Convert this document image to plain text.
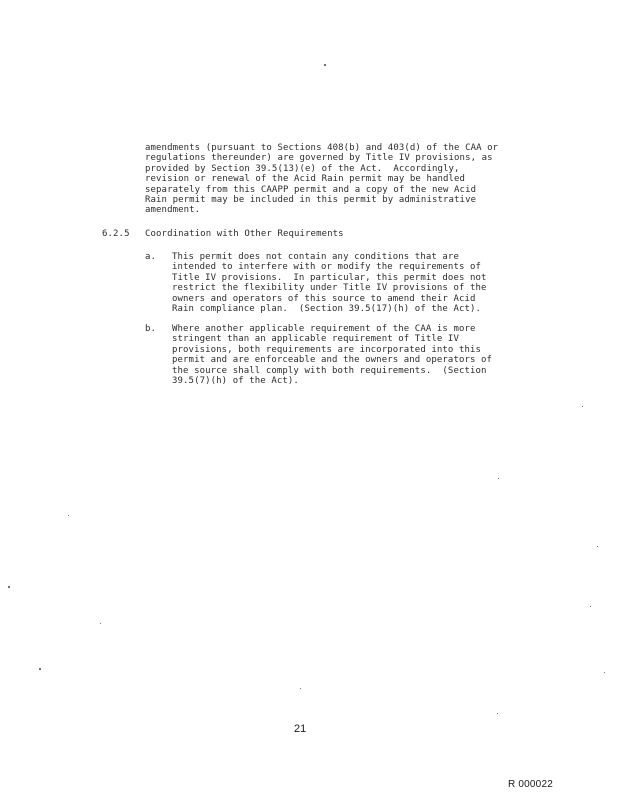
amendments (pursuant to Sections 408(b) and 403(d) of the CAA or
regulations thereunder) are governed by Title IV provisions, as
provided by Section 39.5(13)(e) of the Act.  Accordingly,
revision or renewal of the Acid Rain permit may be handled
separately from this CAAPP permit and a copy of the new Acid
Rain permit may be included in this permit by administrative
amendment.
6.2.5 Coordination with Other Requirements
a. This permit does not contain any conditions that are
intended to interfere with or modify the requirements of
Title IV provisions.  In particular, this permit does not
restrict the flexibility under Title IV provisions of the
owners and operators of this source to amend their Acid
Rain compliance plan.  (Section 39.5(17)(h) of the Act).
b. Where another applicable requirement of the CAA is more
stringent than an applicable requirement of Title IV
provisions, both requirements are incorporated into this
permit and are enforceable and the owners and operators of
the source shall comply with both requirements.  (Section
39.5(7)(h) of the Act).
21
R 000022
